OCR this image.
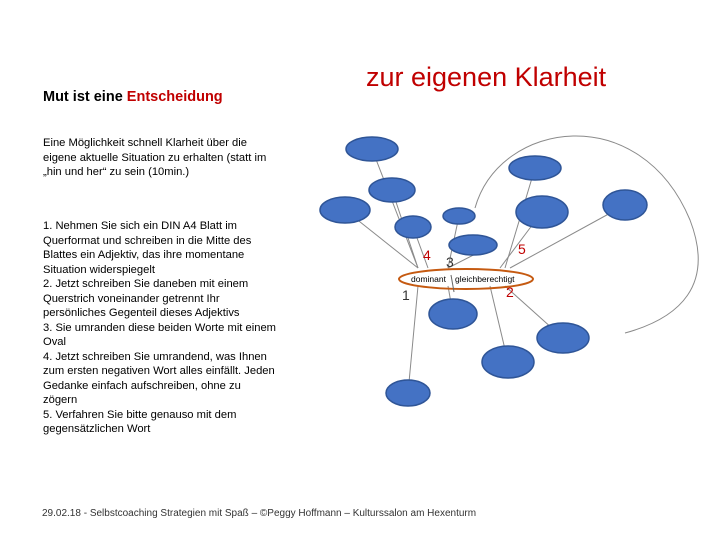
Mut ist eine Entscheidung
zur eigenen Klarheit
Eine Möglichkeit schnell Klarheit über die eigene aktuelle Situation zu erhalten (statt im „hin und her“ zu sein (10min.)
1. Nehmen Sie sich ein DIN A4 Blatt im Querformat und schreiben in die Mitte des Blattes ein Adjektiv, das ihre momentane Situation widerspiegelt
2. Jetzt schreiben Sie daneben mit einem Querstrich voneinander getrennt Ihr persönliches Gegenteil dieses Adjektivs
3. Sie umranden diese beiden Worte mit einem Oval
4. Jetzt schreiben Sie umrandend, was Ihnen zum ersten negativen Wort alles einfällt. Jeden Gedanke einfach aufschreiben, ohne zu zögern
5. Verfahren Sie bitte genauso mit dem gegensätzlichen Wort
dominant gleichberechtigt
1	2
3
4	5
29.02.18 - Selbstcoaching Strategien mit Spaß – ©Peggy Hoffmann – Kulturssalon am Hexenturm
